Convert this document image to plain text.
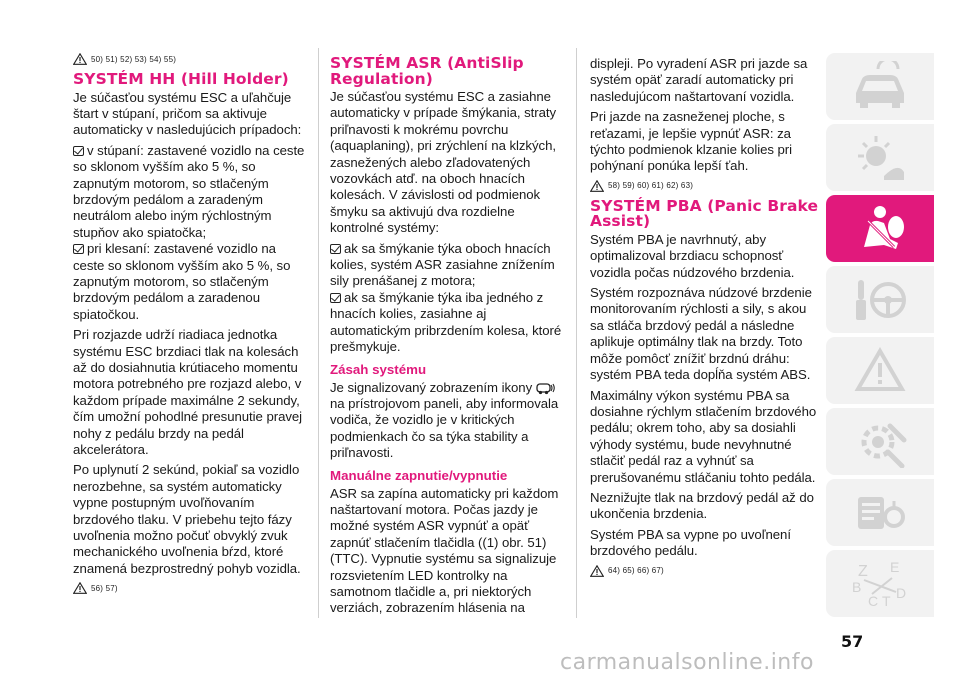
50) 51) 52) 53) 54) 55)
SYSTÉM HH (Hill Holder)

Je súčasťou systému ESC a uľahčuje štart v stúpaní, pričom sa aktivuje automaticky v nasledujúcich prípadoch:

v stúpaní: zastavené vozidlo na ceste so sklonom vyšším ako 5 %, so zapnutým motorom, so stlačeným brzdovým pedálom a zaradeným neutrálom alebo iným rýchlostným stupňov ako spiatočka;

pri klesaní: zastavené vozidlo na ceste so sklonom vyšším ako 5 %, so zapnutým motorom, so stlačeným brzdovým pedálom a zaradenou spiatočkou.

Pri rozjazde udrží riadiaca jednotka systému ESC brzdiaci tlak na kolesách až do dosiahnutia krútiaceho momentu motora potrebného pre rozjazd alebo, v každom prípade maximálne 2 sekundy, čím umožní pohodlné presunutie pravej nohy z pedálu brzdy na pedál akcelerátora.

Po uplynutí 2 sekúnd, pokiaľ sa vozidlo nerozbehne, sa systém automaticky vypne postupným uvoľňovaním brzdového tlaku. V priebehu tejto fázy uvoľnenia možno počuť obvyklý zvuk mechanického uvoľnenia bŕzd, ktoré znamená bezprostredný pohyb vozidla.

56) 57)
SYSTÉM ASR (AntiSlip Regulation)

Je súčasťou systému ESC a zasiahne automaticky v prípade šmýkania, straty priľnavosti k mokrému povrchu (aquaplaning), pri zrýchlení na klzkých, zasnežených alebo zľadovatených vozovkách atď. na oboch hnacích kolesách. V závislosti od podmienok šmyku sa aktivujú dva rozdielne kontrolné systémy:

ak sa šmýkanie týka oboch hnacích kolies, systém ASR zasiahne znížením sily prenášanej z motora;

ak sa šmýkanie týka iba jedného z hnacích kolies, zasiahne aj automatickým pribrzdením kolesa, ktoré prešmykuje.

Zásah systému

Je signalizovaný zobrazením ikony  na prístrojovom paneli, aby informovala vodiča, že vozidlo je v kritických podmienkach čo sa týka stability a priľnavosti.

Manuálne zapnutie/vypnutie

ASR sa zapína automaticky pri každom naštartovaní motora. Počas jazdy je možné systém ASR vypnúť a opäť zapnúť stlačením tlačidla ((1) obr. 51) (TTC). Vypnutie systému sa signalizuje rozsvietením LED kontrolky na samotnom tlačidle a, pri niektorých verziách, zobrazením hlásenia na

displeji. Po vyradení ASR pri jazde sa systém opäť zaradí automaticky pri nasledujúcom naštartovaní vozidla.

Pri jazde na zasneženej ploche, s reťazami, je lepšie vypnúť ASR: za týchto podmienok klzanie kolies pri pohýnaní ponúka lepší ťah.

58) 59) 60) 61) 62) 63)
SYSTÉM PBA (Panic Brake Assist)

Systém PBA je navrhnutý, aby optimalizoval brzdiacu schopnosť vozidla počas núdzového brzdenia.

Systém rozpoznáva núdzové brzdenie monitorovaním rýchlosti a sily, s akou sa stláča brzdový pedál a následne aplikuje optimálny tlak na brzdy. Toto môže pomôcť znížiť brzdnú dráhu: systém PBA teda dopĺňa systém ABS.

Maximálny výkon systému PBA sa dosiahne rýchlym stlačením brzdového pedálu; okrem toho, aby sa dosiahli výhody systému, bude nevyhnutné stlačiť pedál raz a vyhnúť sa prerušovanému stláčaniu tohto pedála.

Neznižujte tlak na brzdový pedál až do ukončenia brzdenia.

Systém PBA sa vypne po uvoľnení brzdového pedálu.

64) 65) 66) 67)	Z E
B
C T D
57
carmanualsonline.info
